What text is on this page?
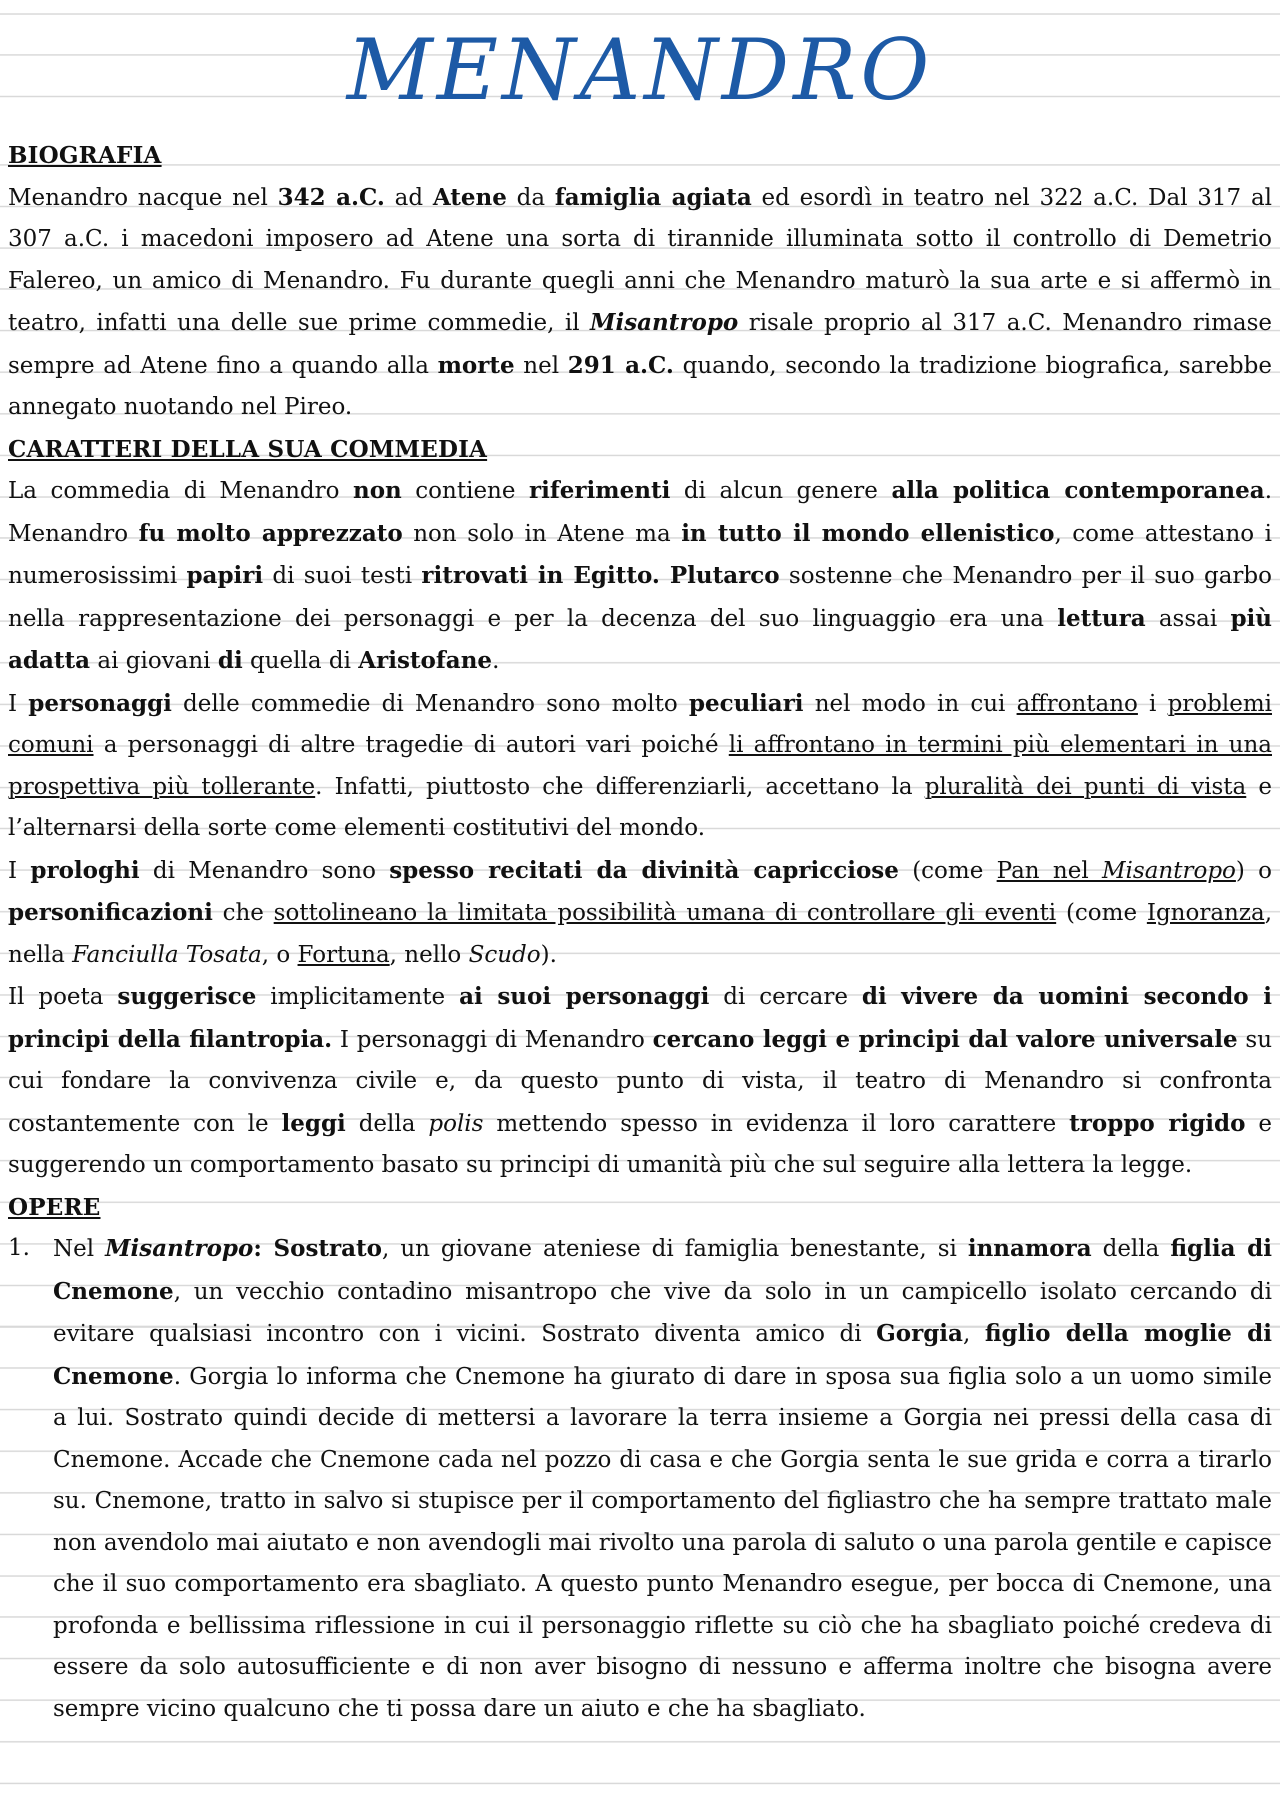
MENANDRO
BIOGRAFIA

Menandro nacque nel 342 a.C. ad Atene da famiglia agiata ed esordì in teatro nel 322 a.C. Dal 317 al 307 a.C. i macedoni imposero ad Atene una sorta di tirannide illuminata sotto il controllo di Demetrio Falereo, un amico di Menandro. Fu durante quegli anni che Menandro maturò la sua arte e si affermò in teatro, infatti una delle sue prime commedie, il Misantropo risale proprio al 317 a.C. Menandro rimase sempre ad Atene fino a quando alla morte nel 291 a.C. quando, secondo la tradizione biografica, sarebbe annegato nuotando nel Pireo.

CARATTERI DELLA SUA COMMEDIA

La commedia di Menandro non contiene riferimenti di alcun genere alla politica contemporanea. Menandro fu molto apprezzato non solo in Atene ma in tutto il mondo ellenistico, come attestano i numerosissimi papiri di suoi testi ritrovati in Egitto. Plutarco sostenne che Menandro per il suo garbo nella rappresentazione dei personaggi e per la decenza del suo linguaggio era una lettura assai più adatta ai giovani di quella di Aristofane.

I personaggi delle commedie di Menandro sono molto peculiari nel modo in cui affrontano i problemi comuni a personaggi di altre tragedie di autori vari poiché li affrontano in termini più elementari in una prospettiva più tollerante. Infatti, piuttosto che differenziarli, accettano la pluralità dei punti di vista e l’alternarsi della sorte come elementi costitutivi del mondo.

I prologhi di Menandro sono spesso recitati da divinità capricciose (come Pan nel Misantropo) o personificazioni che sottolineano la limitata possibilità umana di controllare gli eventi (come Ignoranza, nella Fanciulla Tosata, o Fortuna, nello Scudo).

Il poeta suggerisce implicitamente ai suoi personaggi di cercare di vivere da uomini secondo i principi della filantropia. I personaggi di Menandro cercano leggi e principi dal valore universale su cui fondare la convivenza civile e, da questo punto di vista, il teatro di Menandro si confronta costantemente con le leggi della polis mettendo spesso in evidenza il loro carattere troppo rigido e suggerendo un comportamento basato su principi di umanità più che sul seguire alla lettera la legge.

OPERE
1. Nel Misantropo: Sostrato, un giovane ateniese di famiglia benestante, si innamora della figlia di Cnemone, un vecchio contadino misantropo che vive da solo in un campicello isolato cercando di evitare qualsiasi incontro con i vicini. Sostrato diventa amico di Gorgia, figlio della moglie di Cnemone. Gorgia lo informa che Cnemone ha giurato di dare in sposa sua figlia solo a un uomo simile a lui. Sostrato quindi decide di mettersi a lavorare la terra insieme a Gorgia nei pressi della casa di Cnemone. Accade che Cnemone cada nel pozzo di casa e che Gorgia senta le sue grida e corra a tirarlo su. Cnemone, tratto in salvo si stupisce per il comportamento del figliastro che ha sempre trattato male non avendolo mai aiutato e non avendogli mai rivolto una parola di saluto o una parola gentile e capisce che il suo comportamento era sbagliato. A questo punto Menandro esegue, per bocca di Cnemone, una profonda e bellissima riflessione in cui il personaggio riflette su ciò che ha sbagliato poiché credeva di essere da solo autosufficiente e di non aver bisogno di nessuno e afferma inoltre che bisogna avere sempre vicino qualcuno che ti possa dare un aiuto e che ha sbagliato.
